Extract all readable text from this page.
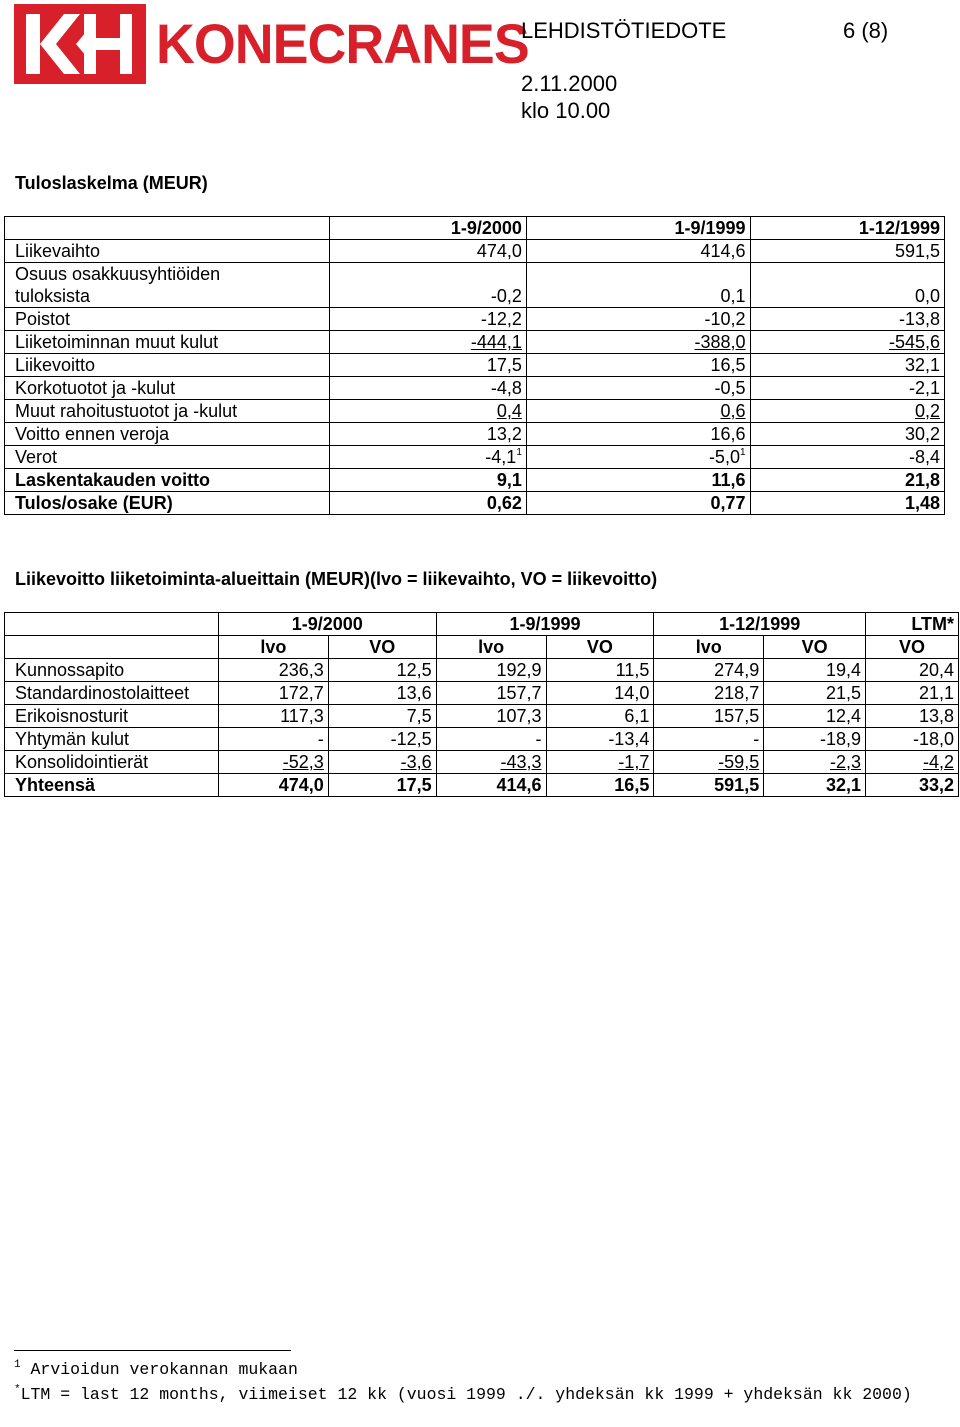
KONECRANES
LEHDISTÖTIEDOTE	6 (8)
2.11.2000
klo 10.00
Tuloslaskelma (MEUR)
	1-9/2000	1-9/1999	1-12/1999
Liikevaihto	474,0	414,6	591,5

Osuus osakkuusyhtiöiden
tuloksista	-0,2	0,1	0,0
Poistot	-12,2	-10,2	-13,8
Liiketoiminnan muut kulut	-444,1	-388,0	-545,6
Liikevoitto	17,5	16,5	32,1
Korkotuotot ja -kulut	-4,8	-0,5	-2,1
Muut rahoitustuotot ja -kulut	0,4	0,6	0,2
Voitto ennen veroja	13,2	16,6	30,2
Verot	$-4,1^1$	$-5,0^1$	-8,4
Laskentakauden voitto	9,1	11,6	21,8
Tulos/osake (EUR)	0,62	0,77	1,48
Liikevoitto liiketoiminta-alueittain (MEUR)(lvo = liikevaihto, VO = liikevoitto)
	1-9/2000		1-9/1999		1-12/1999		LTM*
	lvo	VO	lvo	VO	lvo	VO	VO
Kunnossapito	236,3	12,5	192,9	11,5	274,9	19,4	20,4
Standardinostolaitteet	172,7	13,6	157,7	14,0	218,7	21,5	21,1
Erikoisnosturit	117,3	7,5	107,3	6,1	157,5	12,4	13,8
Yhtymän kulut	-	-12,5	-	-13,4	-	-18,9	-18,0
Konsolidointierät	-52,3	-3,6	-43,3	-1,7	-59,5	-2,3	-4,2
Yhteensä	474,0	17,5	414,6	16,5	591,5	32,1	33,2
$^1$ Arvioidun verokannan mukaan
*LTM = last 12 months, viimeiset 12 kk (vuosi 1999 ./. yhdeksän kk 1999 + yhdeksän kk 2000)
